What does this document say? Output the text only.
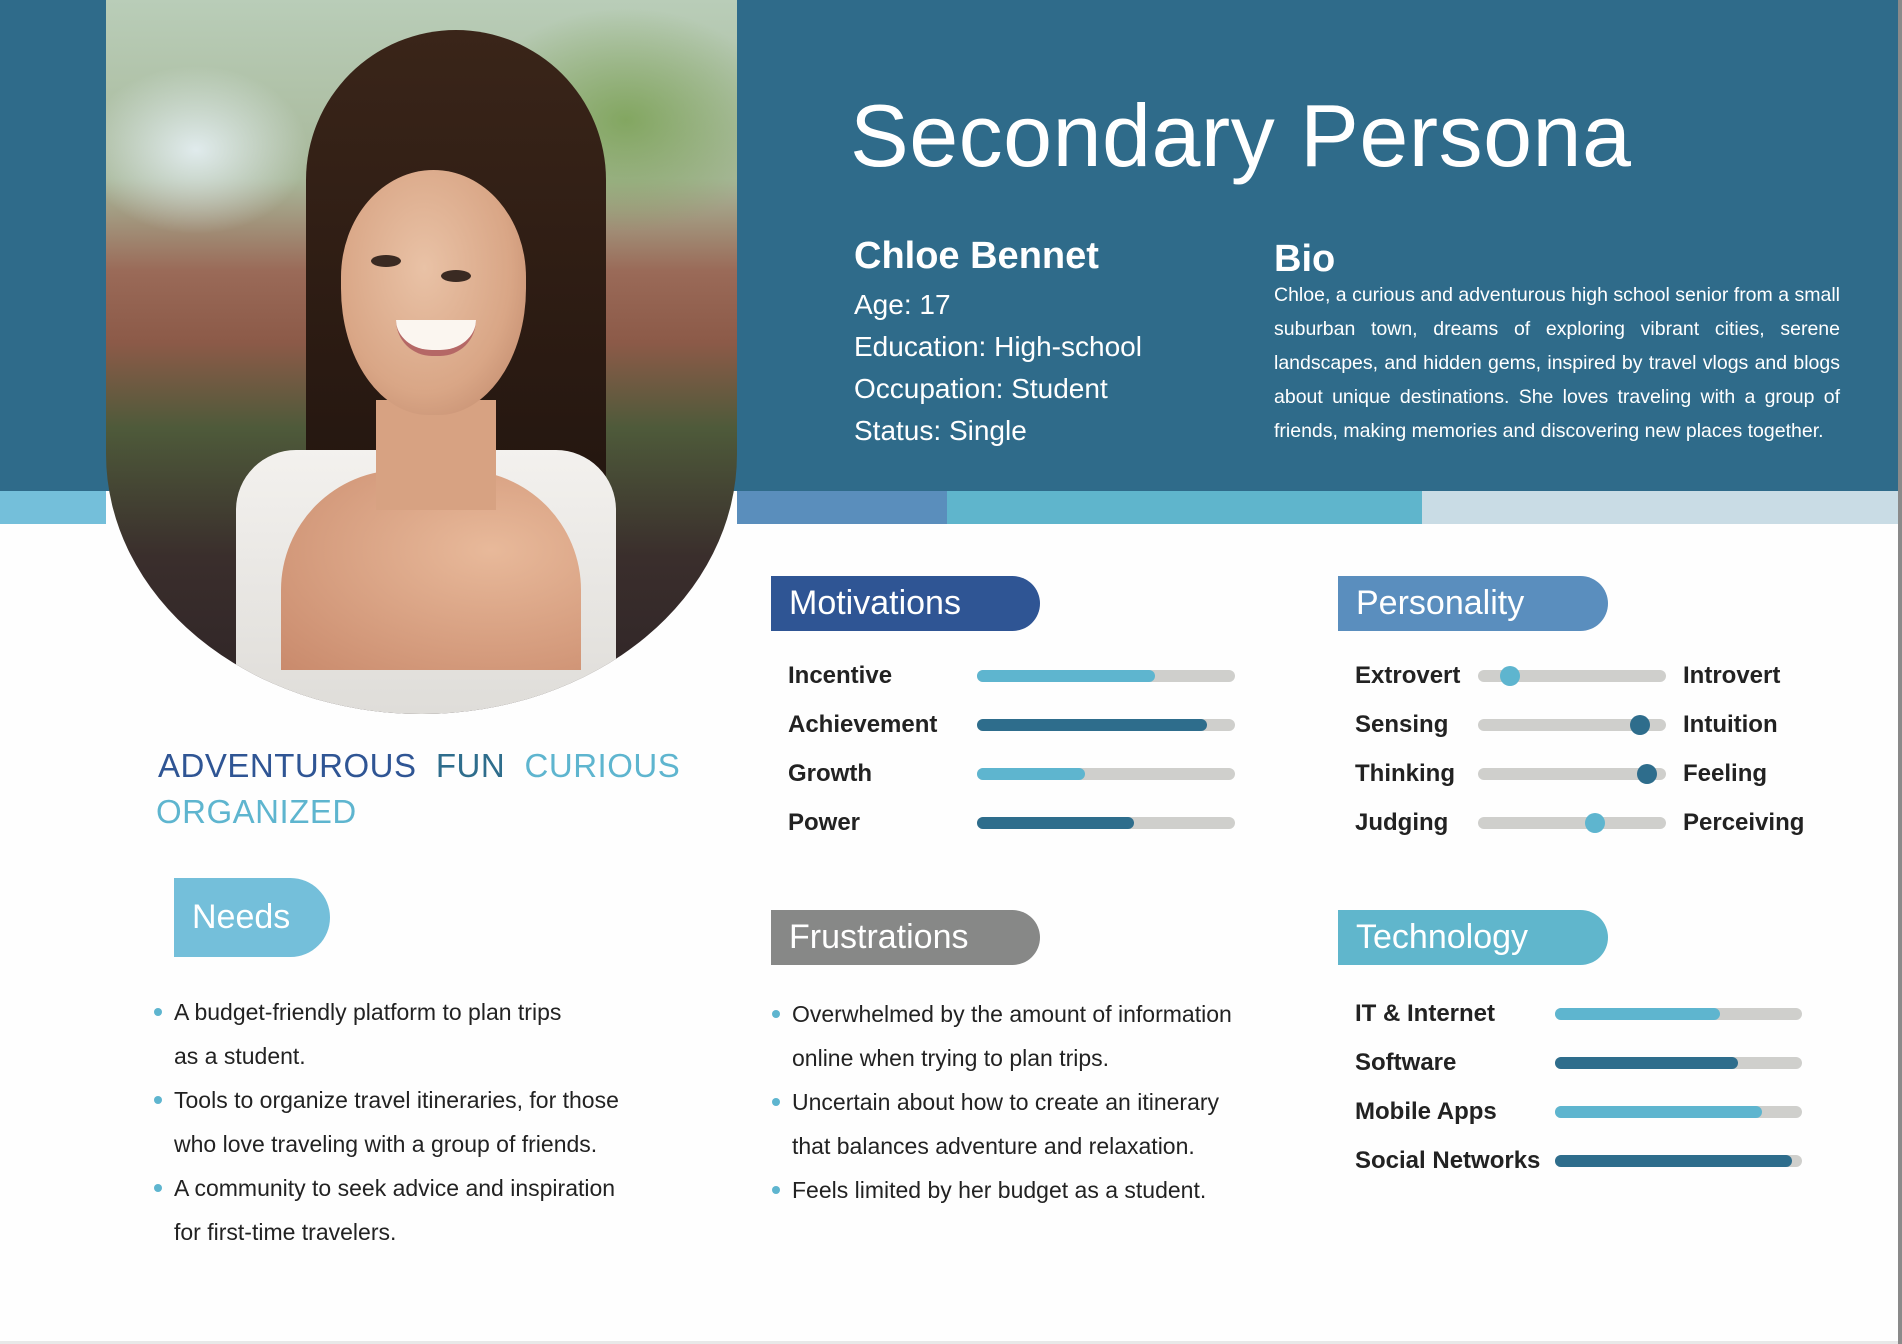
Secondary Persona
Chloe Bennet
Age: 17
Education: High-school
Occupation: Student
Status: Single
Bio
Chloe, a curious and adventurous high school senior from a small suburban town, dreams of exploring vibrant cities, serene landscapes, and hidden gems, inspired by travel vlogs and blogs about unique destinations. She loves traveling with a group of friends, making memories and discovering new places together.
ADVENTUROUS FUN CURIOUS
ORGANIZED
Needs
A budget-friendly platform to plan trips
as a student.
Tools to organize travel itineraries, for those
who love traveling with a group of friends.
A community to seek advice and inspiration
for first-time travelers.
Motivations
Incentive
Achievement
Growth
Power
Personality
Extrovert	Introvert
Sensing	Intuition
Thinking	Feeling
Judging	Perceiving
Frustrations
Overwhelmed by the amount of information
online when trying to plan trips.
Uncertain about how to create an itinerary
that balances adventure and relaxation.
Feels limited by her budget as a student.
Technology
IT & Internet
Software
Mobile Apps
Social Networks
